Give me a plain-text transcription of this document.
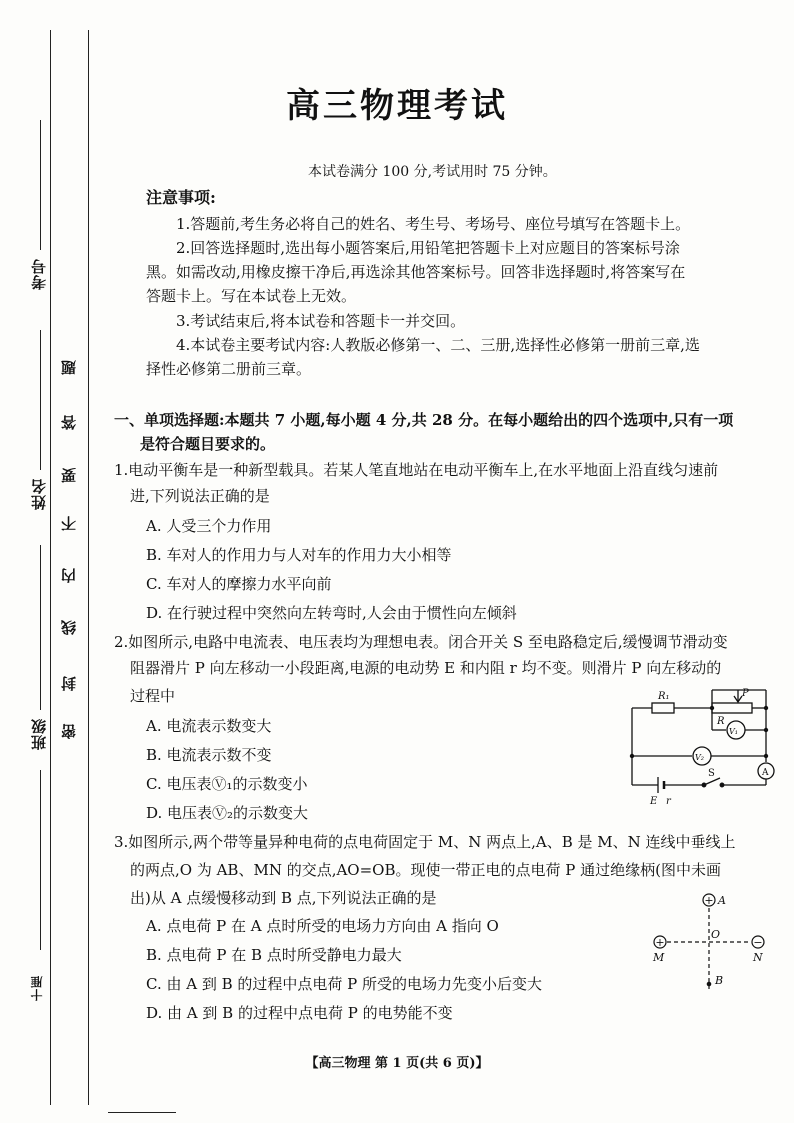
考号
姓名
班级
十㕍
题
答
要
不
内
线
封
密
高三物理考试
本试卷满分 100 分,考试用时 75 分钟。
注意事项:
1.答题前,考生务必将自己的姓名、考生号、考场号、座位号填写在答题卡上。
2.回答选择题时,选出每小题答案后,用铅笔把答题卡上对应题目的答案标号涂
黑。如需改动,用橡皮擦干净后,再选涂其他答案标号。回答非选择题时,将答案写在
答题卡上。写在本试卷上无效。
3.考试结束后,将本试卷和答题卡一并交回。
4.本试卷主要考试内容:人教版必修第一、二、三册,选择性必修第一册前三章,选
择性必修第二册前三章。
一、单项选择题:本题共 7 小题,每小题 4 分,共 28 分。在每小题给出的四个选项中,只有一项
是符合题目要求的。
1.电动平衡车是一种新型载具。若某人笔直地站在电动平衡车上,在水平地面上沿直线匀速前
进,下列说法正确的是
A. 人受三个力作用
B. 车对人的作用力与人对车的作用力大小相等
C. 车对人的摩擦力水平向前
D. 在行驶过程中突然向左转弯时,人会由于惯性向左倾斜
2.如图所示,电路中电流表、电压表均为理想电表。闭合开关 S 至电路稳定后,缓慢调节滑动变
阻器滑片 P 向左移动一小段距离,电源的电动势 E 和内阻 r 均不变。则滑片 P 向左移动的
过程中
A. 电流表示数变大
B. 电流表示数不变
C. 电压表Ⓥ₁的示数变小
D. 电压表Ⓥ₂的示数变大
R₁
R
P
V₁
V₂
A
S
E r
3.如图所示,两个带等量异种电荷的点电荷固定于 M、N 两点上,A、B 是 M、N 连线中垂线上
的两点,O 为 AB、MN 的交点,AO=OB。现使一带正电的点电荷 P 通过绝缘柄(图中未画
出)从 A 点缓慢移动到 B 点,下列说法正确的是
A. 点电荷 P 在 A 点时所受的电场力方向由 A 指向 O
B. 点电荷 P 在 B 点时所受静电力最大
C. 由 A 到 B 的过程中点电荷 P 所受的电场力先变小后变大
D. 由 A 到 B 的过程中点电荷 P 的电势能不变
+
+	−
A
O
M	N
B
【高三物理 第 1 页(共 6 页)】
